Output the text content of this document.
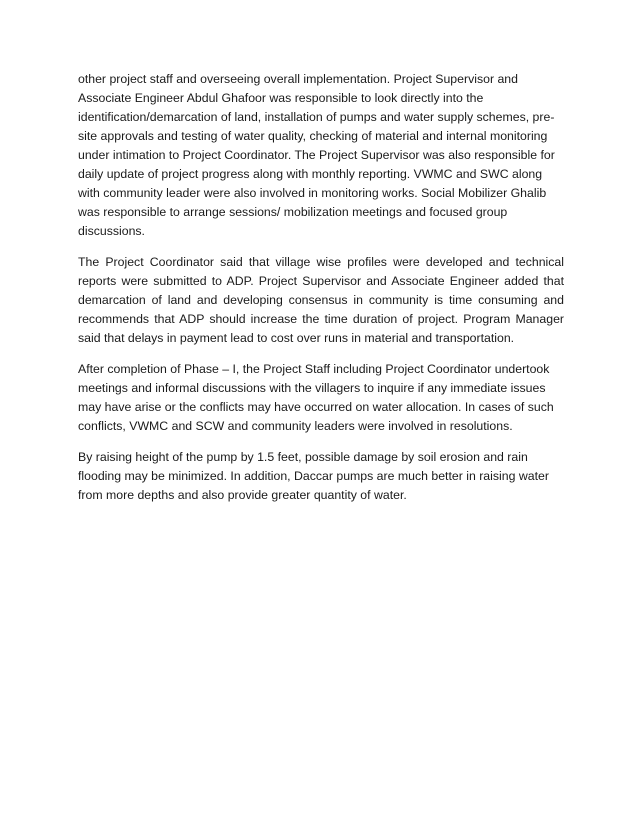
other project staff and overseeing overall implementation. Project Supervisor and Associate Engineer Abdul Ghafoor was responsible to look directly into the identification/demarcation of land, installation of pumps and water supply schemes, pre-site approvals and testing of water quality, checking of material and internal monitoring under intimation to Project Coordinator. The Project Supervisor was also responsible for daily update of project progress along with monthly reporting. VWMC and SWC along with community leader were also involved in monitoring works. Social Mobilizer Ghalib was responsible to arrange sessions/ mobilization meetings and focused group discussions.

The Project Coordinator said that village wise profiles were developed and technical reports were submitted to ADP. Project Supervisor and Associate Engineer added that demarcation of land and developing consensus in community is time consuming and recommends that ADP should increase the time duration of project. Program Manager said that delays in payment lead to cost over runs in material and transportation.

After completion of Phase – I, the Project Staff including Project Coordinator undertook meetings and informal discussions with the villagers to inquire if any immediate issues may have arise or the conflicts may have occurred on water allocation. In cases of such conflicts, VWMC and SCW and community leaders were involved in resolutions.

By raising height of the pump by 1.5 feet, possible damage by soil erosion and rain flooding may be minimized. In addition, Daccar pumps are much better in raising water from more depths and also provide greater quantity of water.
